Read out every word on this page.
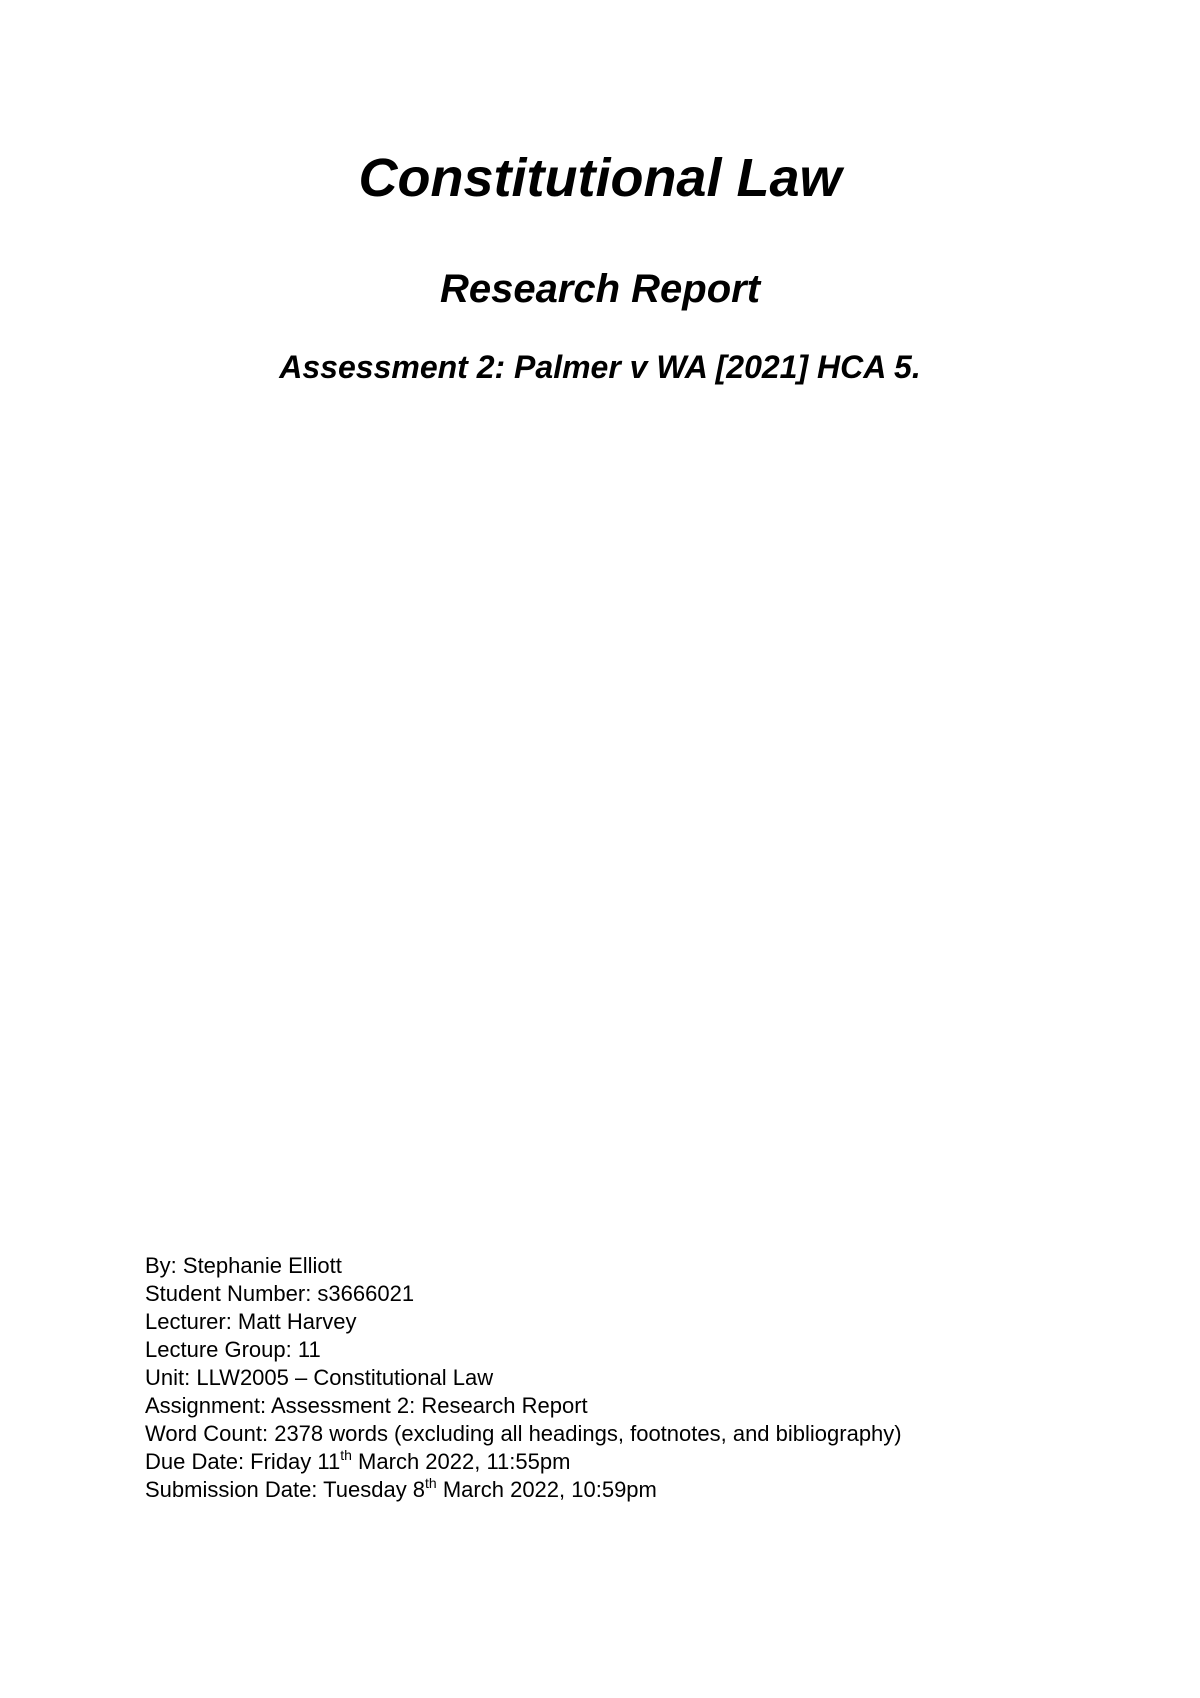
Constitutional Law
Research Report
Assessment 2: Palmer v WA [2021] HCA 5.
By: Stephanie Elliott
Student Number: s3666021
Lecturer: Matt Harvey
Lecture Group: 11
Unit: LLW2005 – Constitutional Law
Assignment: Assessment 2: Research Report
Word Count: 2378 words (excluding all headings, footnotes, and bibliography)
Due Date: Friday 11th March 2022, 11:55pm
Submission Date: Tuesday 8th March 2022, 10:59pm
